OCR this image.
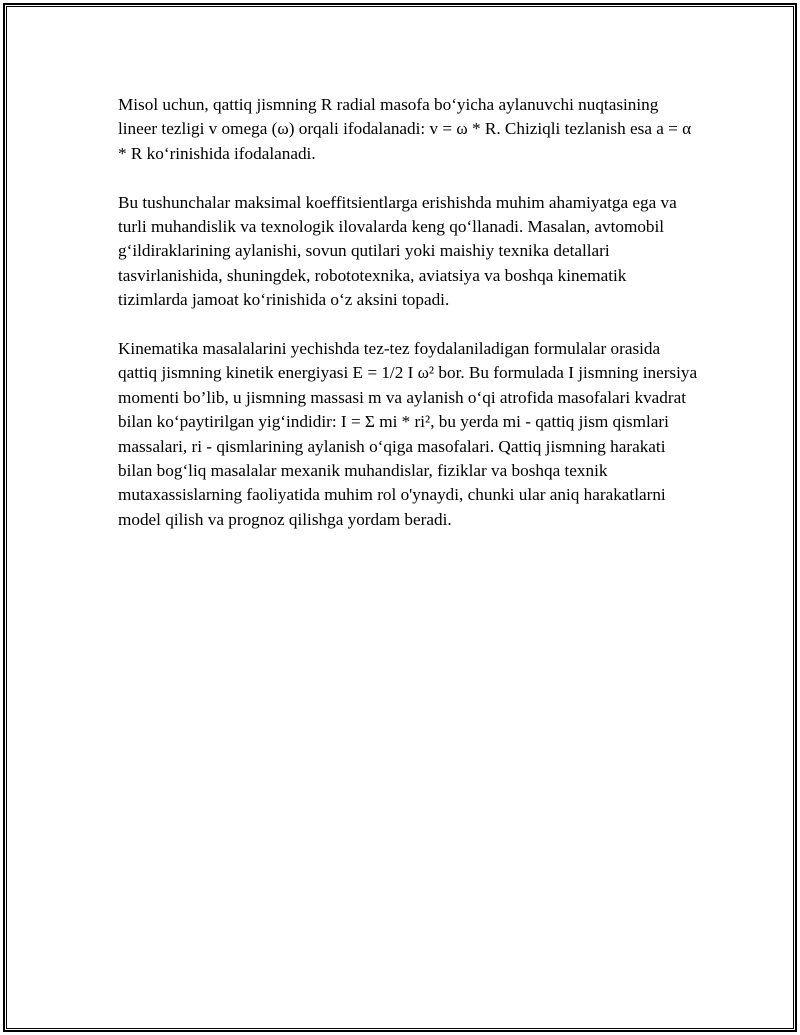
Misol uchun, qattiq jismning R radial masofa bo‘yicha aylanuvchi nuqtasining lineer tezligi v omega (ω) orqali ifodalanadi: v = ω * R. Chiziqli tezlanish esa a = α * R ko‘rinishida ifodalanadi.

Bu tushunchalar maksimal koeffitsientlarga erishishda muhim ahamiyatga ega va turli muhandislik va texnologik ilovalarda keng qo‘llanadi. Masalan, avtomobil g‘ildiraklarining aylanishi, sovun qutilari yoki maishiy texnika detallari tasvirlanishida, shuningdek, robototexnika, aviatsiya va boshqa kinematik tizimlarda jamoat ko‘rinishida o‘z aksini topadi.

Kinematika masalalarini yechishda tez-tez foydalaniladigan formulalar orasida qattiq jismning kinetik energiyasi E = 1/2 I ω² bor. Bu formulada I jismning inersiya momenti bo’lib, u jismning massasi m va aylanish o‘qi atrofida masofalari kvadrat bilan ko‘paytirilgan yig‘indidir: I = Σ mi * ri², bu yerda mi - qattiq jism qismlari massalari, ri - qismlarining aylanish o‘qiga masofalari. Qattiq jismning harakati bilan bog‘liq masalalar mexanik muhandislar, fiziklar va boshqa texnik mutaxassislarning faoliyatida muhim rol o'ynaydi, chunki ular aniq harakatlarni model qilish va prognoz qilishga yordam beradi.
